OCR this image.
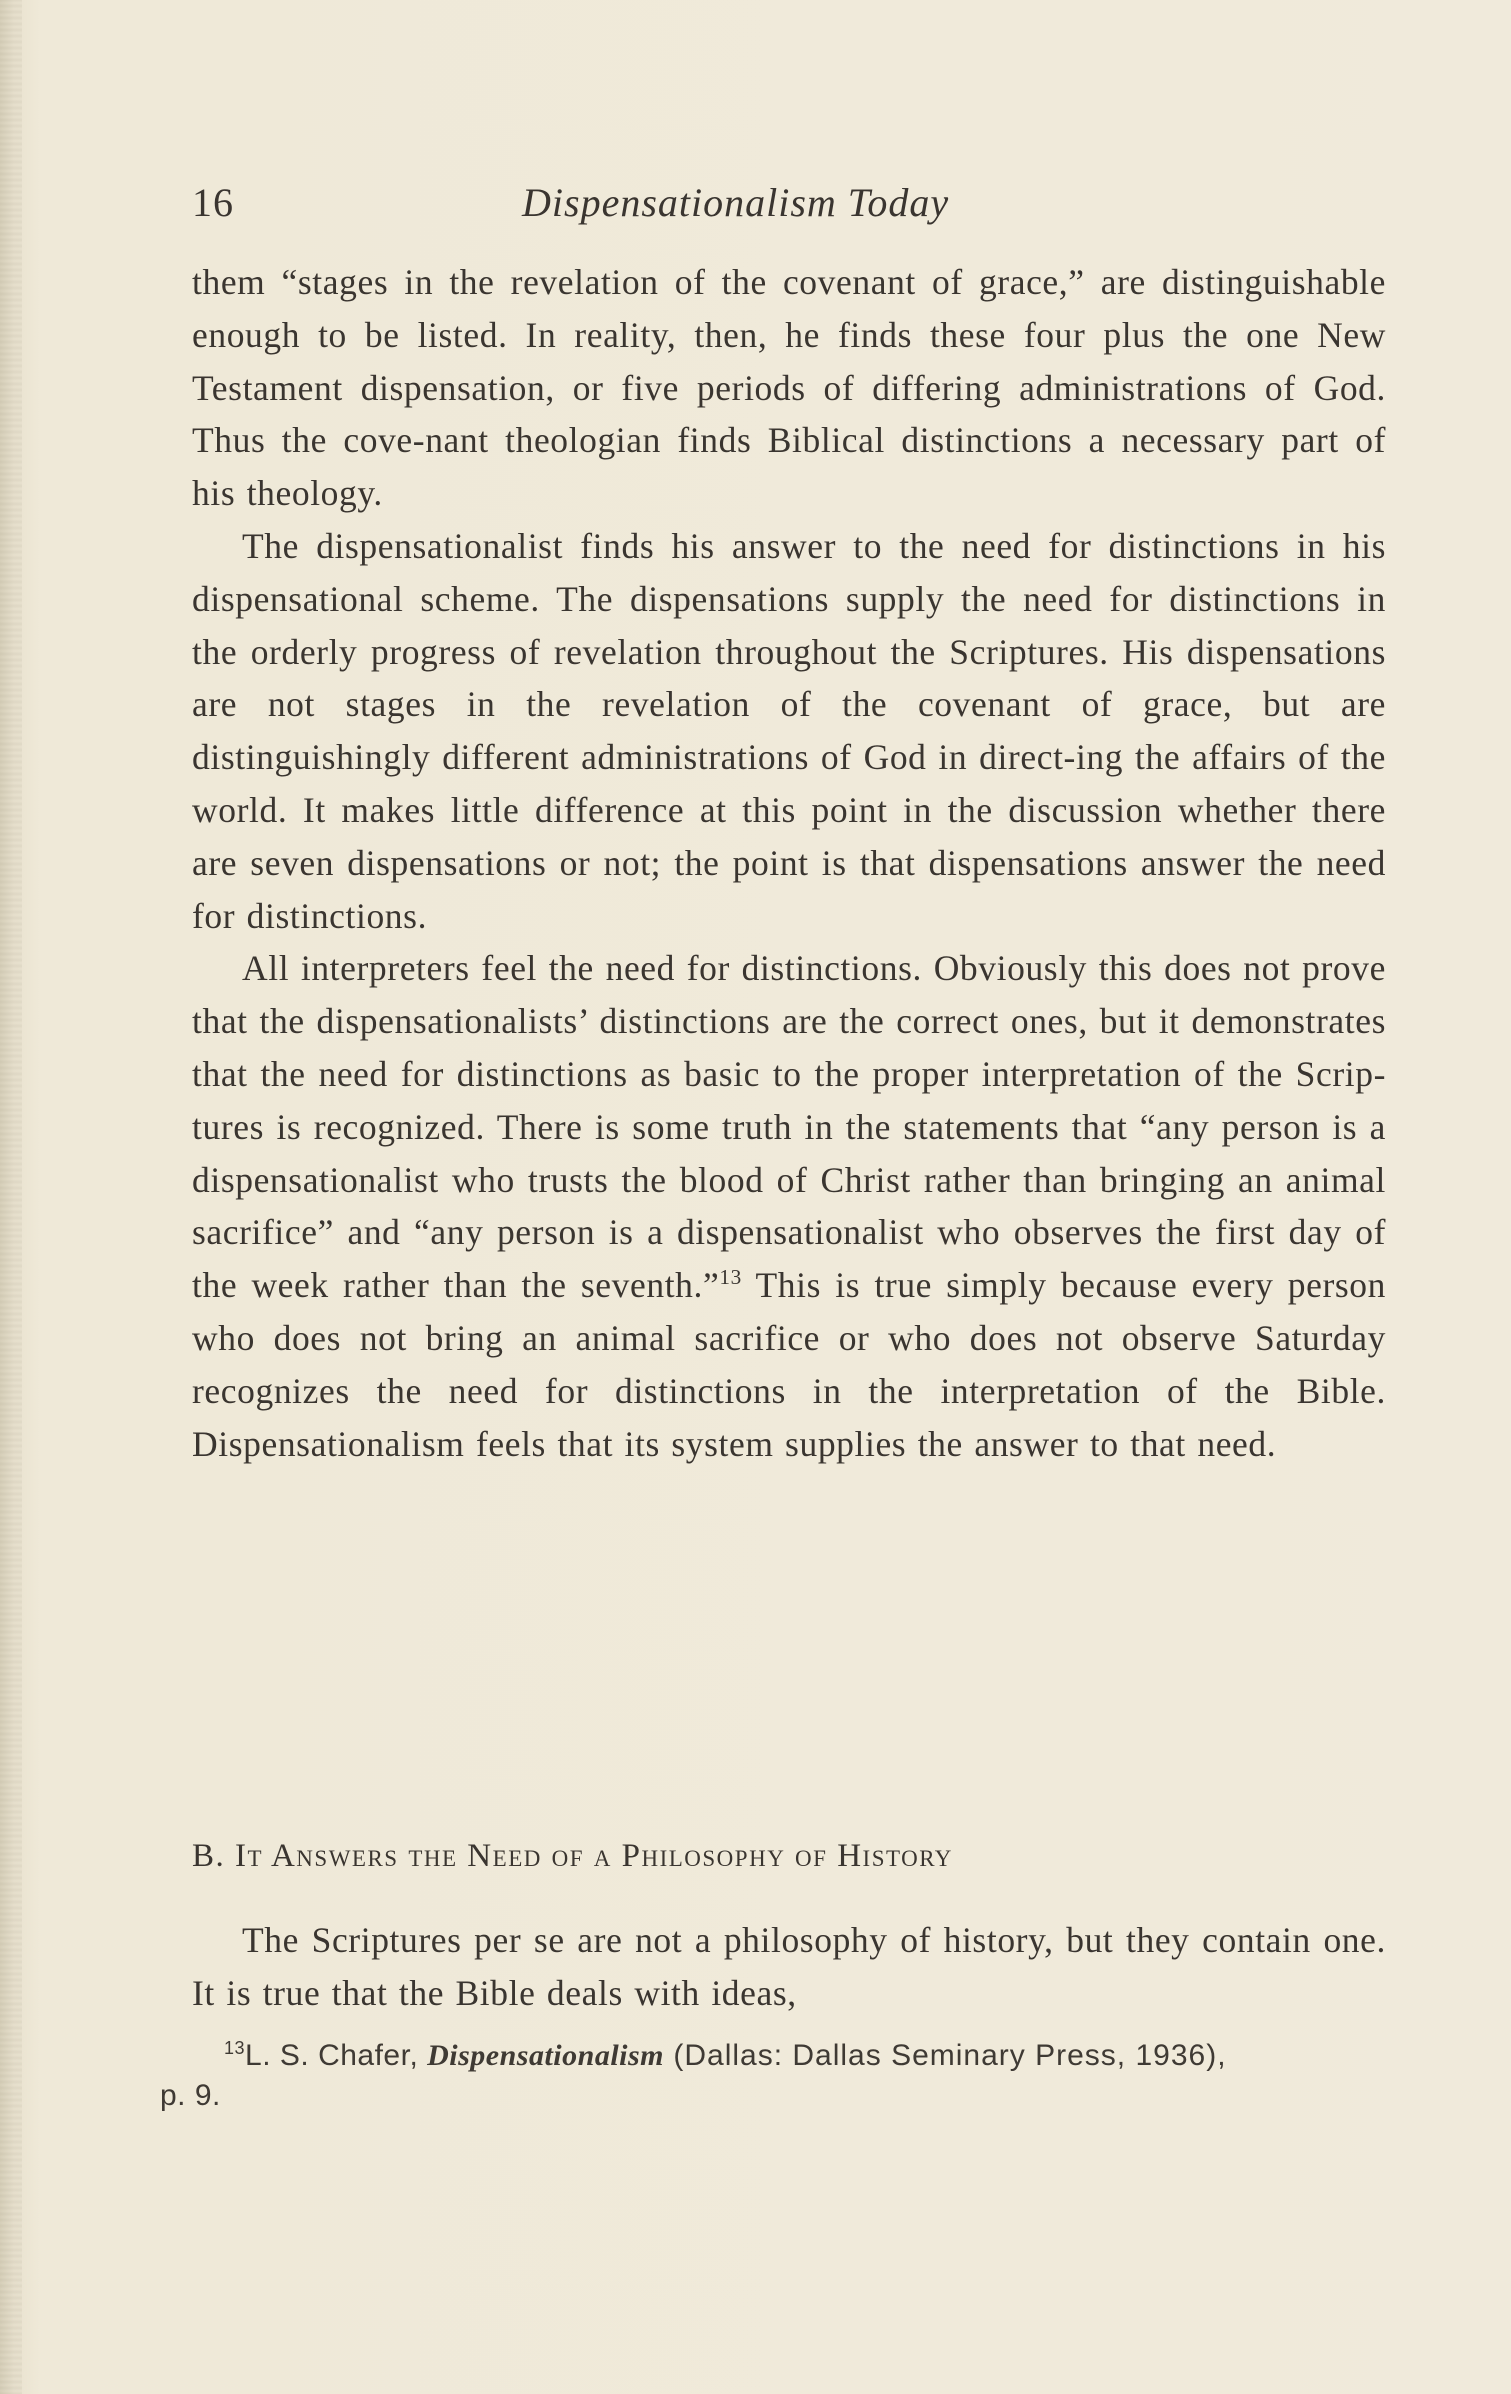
16	Dispensationalism Today

them “stages in the revelation of the covenant of grace,” are distinguishable enough to be listed. In reality, then, he finds these four plus the one New Testament dispensation, or five periods of differing administrations of God. Thus the cove-nant theologian finds Biblical distinctions a necessary part of his theology.

The dispensationalist finds his answer to the need for distinctions in his dispensational scheme. The dispensations supply the need for distinctions in the orderly progress of revelation throughout the Scriptures. His dispensations are not stages in the revelation of the covenant of grace, but are distinguishingly different administrations of God in direct-ing the affairs of the world. It makes little difference at this point in the discussion whether there are seven dispensations or not; the point is that dispensations answer the need for distinctions.

All interpreters feel the need for distinctions. Obviously this does not prove that the dispensationalists’ distinctions are the correct ones, but it demonstrates that the need for distinctions as basic to the proper interpretation of the Scrip-tures is recognized. There is some truth in the statements that “any person is a dispensationalist who trusts the blood of Christ rather than bringing an animal sacrifice” and “any person is a dispensationalist who observes the first day of the week rather than the seventh.”$^{13}$ This is true simply because every person who does not bring an animal sacrifice or who does not observe Saturday recognizes the need for distinctions in the interpretation of the Bible. Dispensationalism feels that its system supplies the answer to that need.

B. It Answers the Need of a Philosophy of History

The Scriptures per se are not a philosophy of history, but they contain one. It is true that the Bible deals with ideas,

$^{13}$L. S. Chafer, Dispensationalism (Dallas: Dallas Seminary Press, 1936),
p. 9.
